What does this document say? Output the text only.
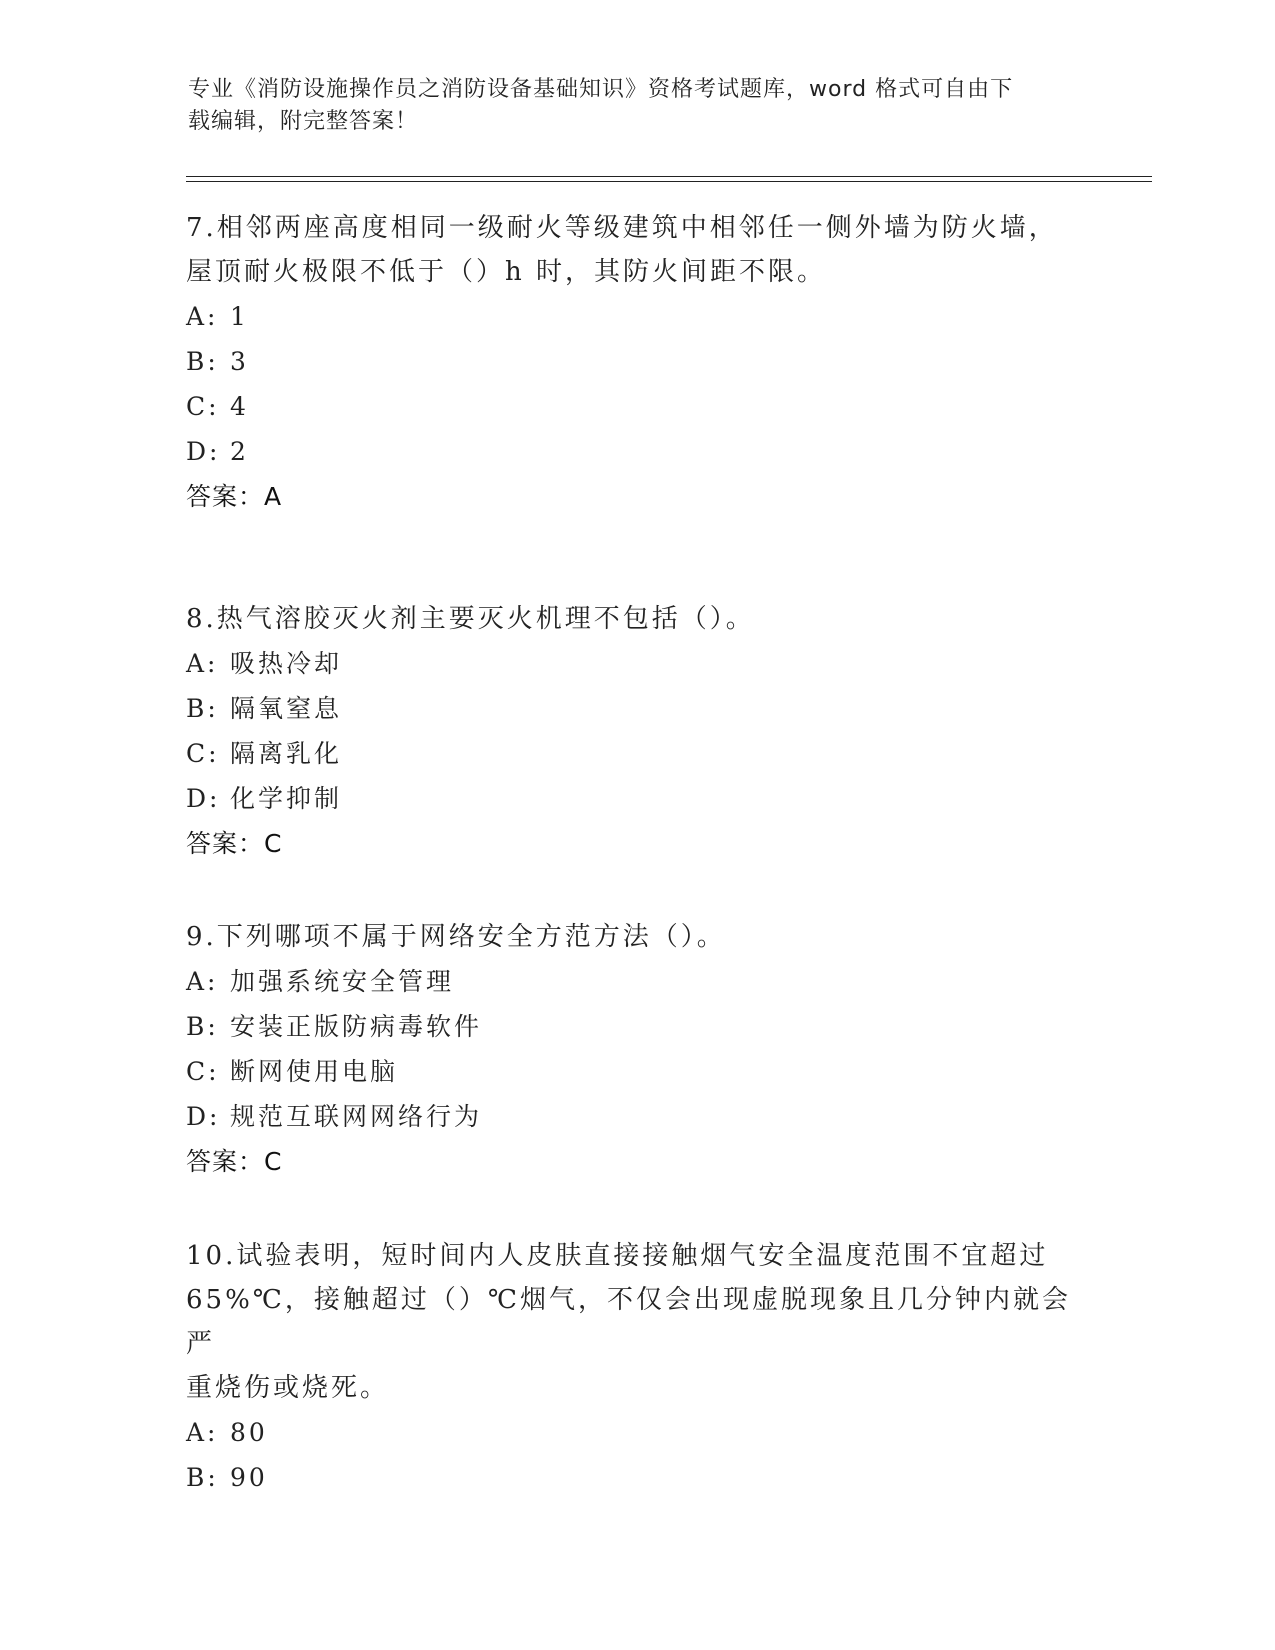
专业《消防设施操作员之消防设备基础知识》资格考试题库，word 格式可自由下
载编辑，附完整答案！

7.相邻两座高度相同一级耐火等级建筑中相邻任一侧外墙为防火墙，

屋顶耐火极限不低于（）h 时，其防火间距不限。

A: 1
B: 3
C: 4
D: 2
答案：A

8.热气溶胶灭火剂主要灭火机理不包括（）。

A: 吸热冷却
B: 隔氧窒息
C: 隔离乳化
D: 化学抑制
答案：C

9.下列哪项不属于网络安全方范方法（）。

A: 加强系统安全管理
B: 安装正版防病毒软件
C: 断网使用电脑
D: 规范互联网网络行为
答案：C

10.试验表明，短时间内人皮肤直接接触烟气安全温度范围不宜超过

65%℃，接触超过（）℃烟气，不仅会出现虚脱现象且几分钟内就会严

重烧伤或烧死。

A: 80
B: 90
